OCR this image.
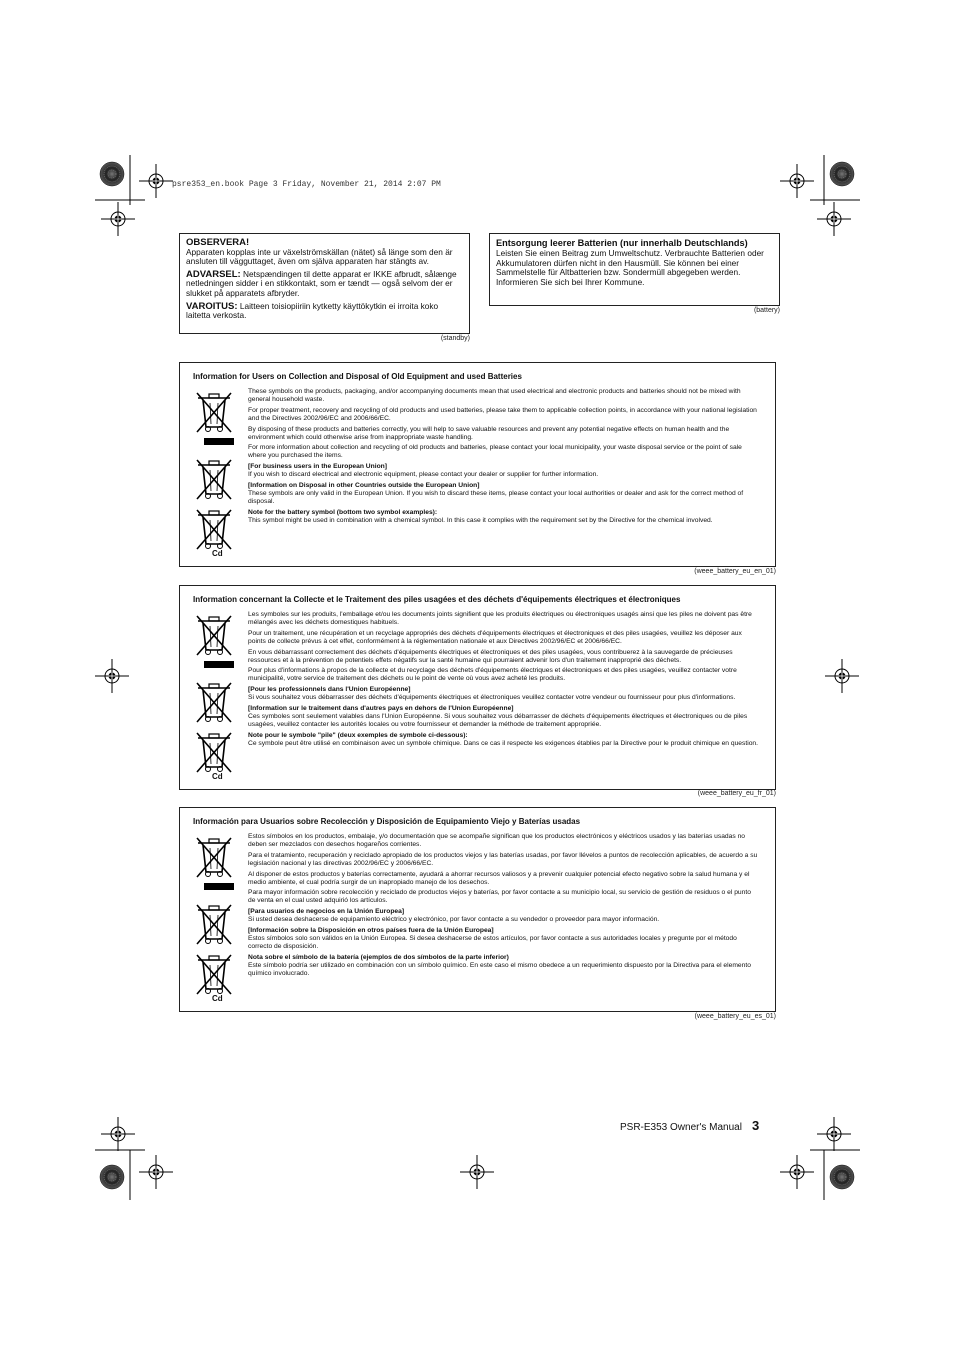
psre353_en.book Page 3 Friday, November 21, 2014 2:07 PM

OBSERVERA!

Apparaten kopplas inte ur växelströmskällan (nätet) så länge som den är ansluten till vägguttaget, även om själva apparaten har stängts av.

ADVARSEL: Netspændingen til dette apparat er IKKE afbrudt, sålænge netledningen sidder i en stikkontakt, som er tændt — også selvom der er slukket på apparatets afbryder.

VAROITUS: Laitteen toisiopiiriin kytketty käyttökytkin ei irroita koko laitetta verkosta.

(standby)

Entsorgung leerer Batterien (nur innerhalb Deutschlands)

Leisten Sie einen Beitrag zum Umweltschutz. Verbrauchte Batterien oder Akkumulatoren dürfen nicht in den Hausmüll. Sie können bei einer Sammelstelle für Altbatterien bzw. Sondermüll abgegeben werden. Informieren Sie sich bei Ihrer Kommune.

(battery)
Information for Users on Collection and Disposal of Old Equipment and used Batteries
Cd

These symbols on the products, packaging, and/or accompanying documents mean that used electrical and electronic products and batteries should not be mixed with general household waste.

For proper treatment, recovery and recycling of old products and used batteries, please take them to applicable collection points, in accordance with your national legislation and the Directives 2002/96/EC and 2006/66/EC.

By disposing of these products and batteries correctly, you will help to save valuable resources and prevent any potential negative effects on human health and the environment which could otherwise arise from inappropriate waste handling.

For more information about collection and recycling of old products and batteries, please contact your local municipality, your waste disposal service or the point of sale where you purchased the items.

[For business users in the European Union]

If you wish to discard electrical and electronic equipment, please contact your dealer or supplier for further information.

[Information on Disposal in other Countries outside the European Union]

These symbols are only valid in the European Union. If you wish to discard these items, please contact your local authorities or dealer and ask for the correct method of disposal.

Note for the battery symbol (bottom two symbol examples):

This symbol might be used in combination with a chemical symbol. In this case it complies with the requirement set by the Directive for the chemical involved.

(weee_battery_eu_en_01)
Information concernant la Collecte et le Traitement des piles usagées et des déchets d'équipements électriques et électroniques
Cd

Les symboles sur les produits, l'emballage et/ou les documents joints signifient que les produits électriques ou électroniques usagés ainsi que les piles ne doivent pas être mélangés avec les déchets domestiques habituels.

Pour un traitement, une récupération et un recyclage appropriés des déchets d'équipements électriques et électroniques et des piles usagées, veuillez les déposer aux points de collecte prévus à cet effet, conformément à la réglementation nationale et aux Directives 2002/96/EC et 2006/66/EC.

En vous débarrassant correctement des déchets d'équipements électriques et électroniques et des piles usagées, vous contribuerez à la sauvegarde de précieuses ressources et à la prévention de potentiels effets négatifs sur la santé humaine qui pourraient advenir lors d'un traitement inapproprié des déchets.

Pour plus d'informations à propos de la collecte et du recyclage des déchets d'équipements électriques et électroniques et des piles usagées, veuillez contacter votre municipalité, votre service de traitement des déchets ou le point de vente où vous avez acheté les produits.

[Pour les professionnels dans l'Union Européenne]

Si vous souhaitez vous débarrasser des déchets d'équipements électriques et électroniques veuillez contacter votre vendeur ou fournisseur pour plus d'informations.

[Information sur le traitement dans d'autres pays en dehors de l'Union Européenne]

Ces symboles sont seulement valables dans l'Union Européenne. Si vous souhaitez vous débarrasser de déchets d'équipements électriques et électroniques ou de piles usagées, veuillez contacter les autorités locales ou votre fournisseur et demander la méthode de traitement appropriée.

Note pour le symbole "pile" (deux exemples de symbole ci-dessous):

Ce symbole peut être utilisé en combinaison avec un symbole chimique. Dans ce cas il respecte les exigences établies par la Directive pour le produit chimique en question.

(weee_battery_eu_fr_01)
Información para Usuarios sobre Recolección y Disposición de Equipamiento Viejo y Baterías usadas
Cd

Estos símbolos en los productos, embalaje, y/o documentación que se acompañe significan que los productos electrónicos y eléctricos usados y las baterías usadas no deben ser mezclados con desechos hogareños corrientes.

Para el tratamiento, recuperación y reciclado apropiado de los productos viejos y las baterías usadas, por favor llévelos a puntos de recolección aplicables, de acuerdo a su legislación nacional y las directivas 2002/96/EC y 2006/66/EC.

Al disponer de estos productos y baterías correctamente, ayudará a ahorrar recursos valiosos y a prevenir cualquier potencial efecto negativo sobre la salud humana y el medio ambiente, el cual podría surgir de un inapropiado manejo de los desechos.

Para mayor información sobre recolección y reciclado de productos viejos y baterías, por favor contacte a su municipio local, su servicio de gestión de residuos o el punto de venta en el cual usted adquirió los artículos.

[Para usuarios de negocios en la Unión Europea]

Si usted desea deshacerse de equipamiento eléctrico y electrónico, por favor contacte a su vendedor o proveedor para mayor información.

[Información sobre la Disposición en otros países fuera de la Unión Europea]

Estos símbolos solo son válidos en la Unión Europea. Si desea deshacerse de estos artículos, por favor contacte a sus autoridades locales y pregunte por el método correcto de disposición.

Nota sobre el símbolo de la batería (ejemplos de dos símbolos de la parte inferior)

Este símbolo podría ser utilizado en combinación con un símbolo químico. En este caso el mismo obedece a un requerimiento dispuesto por la Directiva para el elemento químico involucrado.

(weee_battery_eu_es_01)
PSR-E353 Owner's Manual 3
